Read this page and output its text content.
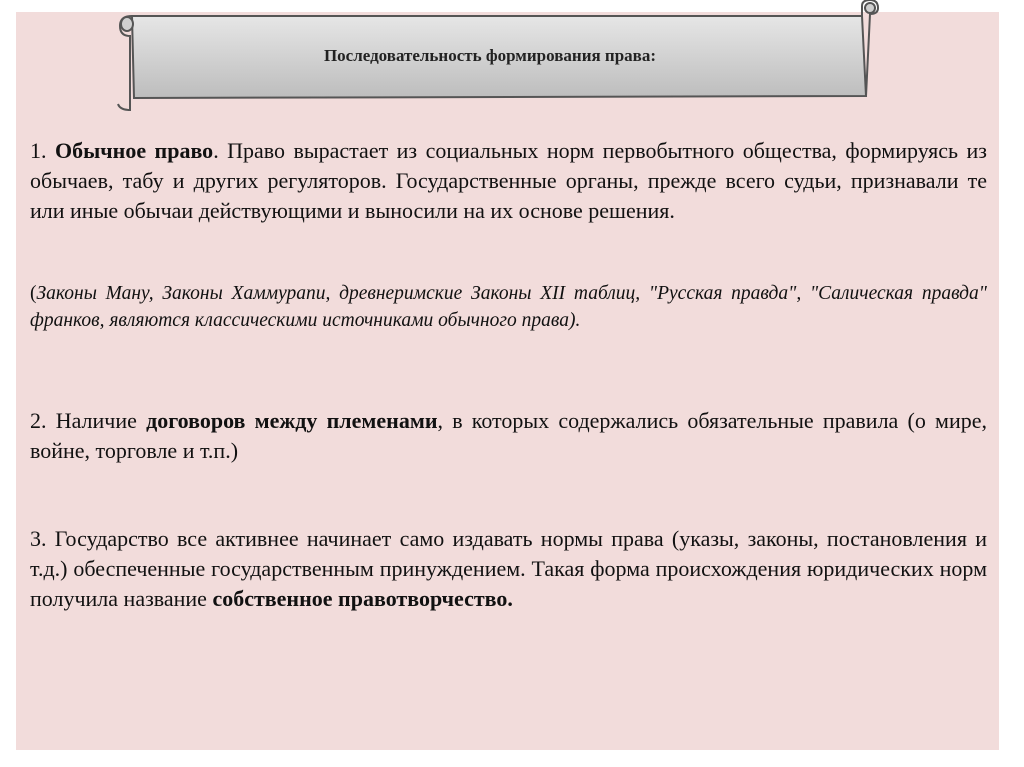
Последовательность формирования права:
1. Обычное право. Право вырастает из социальных норм первобытного общества, формируясь из обычаев, табу и других регуляторов. Государственные органы, прежде всего судьи, признавали те или иные обычаи действующими и выносили на их основе решения.
(Законы Ману, Законы Хаммурапи, древнеримские Законы XII таблиц, "Русская правда", "Салическая правда" франков, являются классическими источниками обычного права).
2. Наличие договоров между племенами, в которых содержались обязательные правила (о мире, войне, торговле и т.п.)
3. Государство все активнее начинает само издавать нормы права (указы, законы, постановления и т.д.) обеспеченные государственным принуждением. Такая форма происхождения юридических норм получила название собственное правотворчество.
